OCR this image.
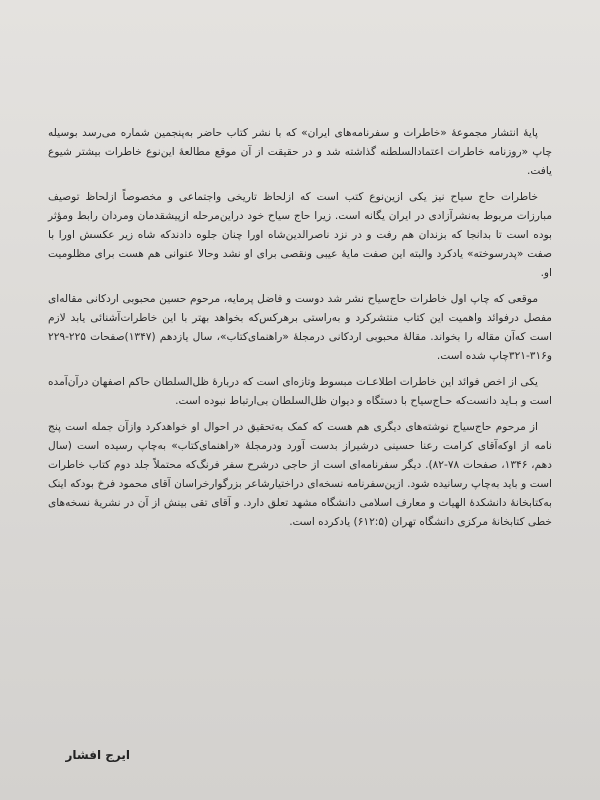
پایهٔ انتشار مجموعهٔ «خاطرات و سفرنامه‌های ایران» که با نشر کتاب حاضر به‌پنجمین شماره می‌رسد بوسیله چاپ «روزنامه خاطرات اعتمادالسلطنه گذاشته شد و در حقیقت از آن موقع مطالعهٔ این‌نوع خاطرات بیشتر شیوع یافت.

خاطرات حاج سیاح نیز یکی ازین‌نوع کتب است که ازلحاظ تاریخی واجتماعی و مخصوصاً ازلحاظ توصیف مبارزات مربوط به‌نشرآزادی در ایران یگانه است. زیرا حاج سیاح خود دراین‌مرحله ازپیشقدمان ومردان رابط ومؤثر بوده است تا بدانجا که بزندان هم رفت و در نزد ناصرالدین‌شاه اورا چنان جلوه دادندکه شاه زیر عکسش اورا با صفت «پدرسوخته» یادکرد والبته این صفت مایهٔ عیبی ونقصی برای او نشد وحالا عنوانی هم هست برای مظلومیت او.

موقعی که چاپ اول خاطرات حاج‌سیاح نشر شد دوست و فاضل پرمایه، مرحوم حسین محبوبی اردکانی مقاله‌ای مفصل درفوائد واهمیت این کتاب منتشرکرد و به‌راستی برهرکس‌که بخواهد بهتر با این خاطرات‌آشنائی یابد لازم است که‌آن مقاله را بخواند. مقالهٔ محبوبی اردکانی درمجلهٔ «راهنمای‌کتاب»، سال یازدهم (۱۳۴۷)صفحات ۲۲۵-۲۲۹ و۳۱۶-۳۲۱چاپ شده است.

یکی از اخص فوائد این خاطرات اطلاعـات مبسوط وتازه‌ای است که دربارهٔ ظل‌السلطان حاکم اصفهان درآن‌آمده است و بـاید دانست‌که حـاج‌سیاح با دستگاه و دیوان ظل‌السلطان بی‌ارتباط نبوده است.

از مرحوم حاج‌سیاح نوشته‌های دیگری هم هست که کمک به‌تحقیق در احوال او خواهدکرد وازآن جمله است پنج نامه از اوکه‌آقای کرامت رعنا حسینی درشیراز بدست آورد ودرمجلهٔ «راهنمای‌کتاب» به‌چاپ رسیده است (سال دهم، ۱۳۴۶، صفحات ۷۸-۸۲). دیگر سفرنامه‌ای است از حاجی درشرح سفر فرنگ‌که محتملاً جلد دوم کتاب خاطرات است و باید به‌چاپ رسانیده شود. ازین‌سفرنامه نسخه‌ای دراختیارشاعر بزرگوارخراسان آقای محمود فرخ بودکه اینک به‌کتابخانهٔ دانشکدهٔ الهیات و معارف اسلامی دانشگاه مشهد تعلق دارد. و آقای تقی بینش از آن در نشریهٔ نسخه‌های خطی کتابخانهٔ مرکزی دانشگاه تهران (۶۱۲:۵) یادکرده است.

ایرج افشار
